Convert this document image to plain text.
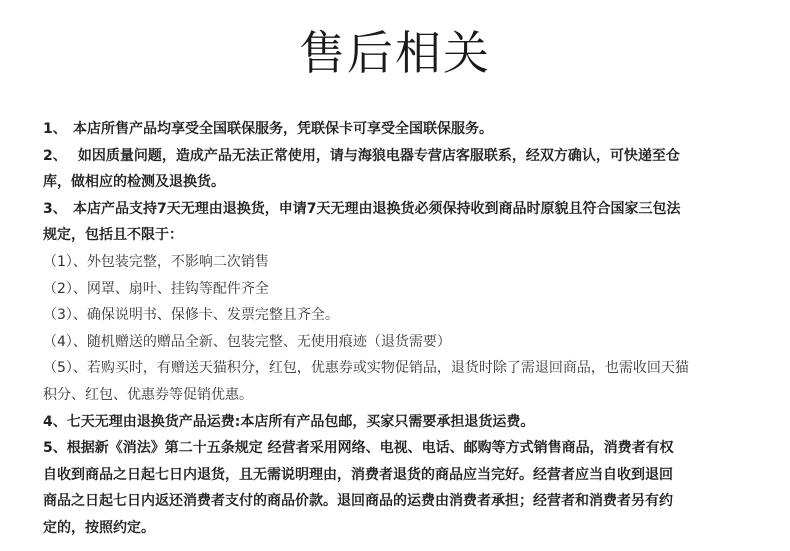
售后相关
1、 本店所售产品均享受全国联保服务，凭联保卡可享受全国联保服务。
2、 如因质量问题，造成产品无法正常使用，请与海狼电器专营店客服联系，经双方确认，可快递至仓
库，做相应的检测及退换货。
3、 本店产品支持7天无理由退换货，申请7天无理由退换货必须保持收到商品时原貌且符合国家三包法
规定，包括且不限于：
（1）、外包装完整，不影响二次销售
（2）、网罩、扇叶、挂钩等配件齐全
（3）、确保说明书、保修卡、发票完整且齐全。
（4）、随机赠送的赠品全新、包装完整、无使用痕迹（退货需要）
（5）、若购买时，有赠送天猫积分，红包，优惠券或实物促销品，退货时除了需退回商品，也需收回天猫
积分、红包、优惠券等促销优惠。
4、七天无理由退换货产品运费:本店所有产品包邮，买家只需要承担退货运费。
5、根据新《消法》第二十五条规定 经营者采用网络、电视、电话、邮购等方式销售商品，消费者有权
自收到商品之日起七日内退货，且无需说明理由，消费者退货的商品应当完好。经营者应当自收到退回
商品之日起七日内返还消费者支付的商品价款。退回商品的运费由消费者承担；经营者和消费者另有约
定的，按照约定。
